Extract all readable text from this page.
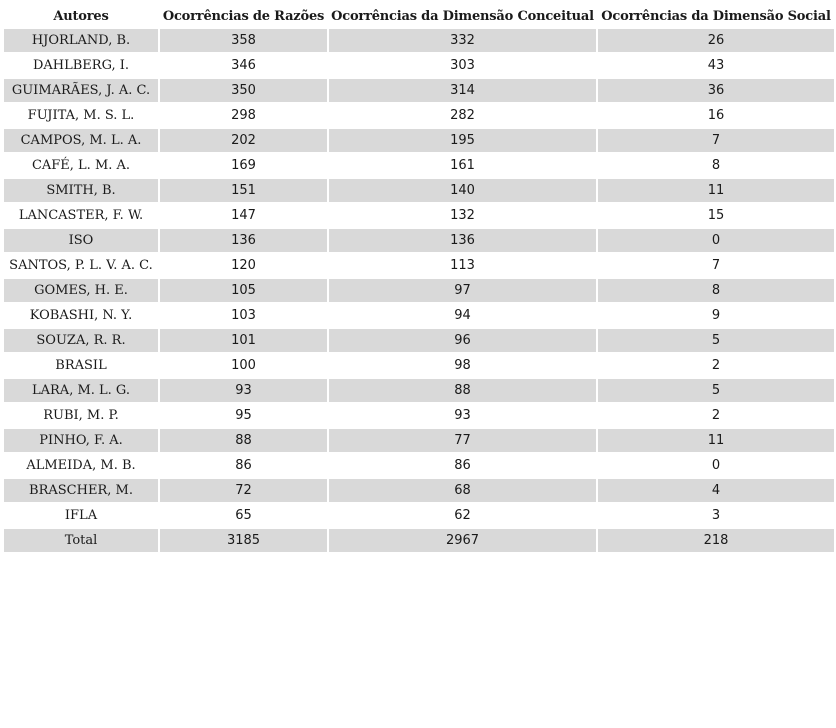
Autores	Ocorrências de Razões	Ocorrências da Dimensão Conceitual	Ocorrências da Dimensão Social
HJORLAND, B.	358	332	26
DAHLBERG, I.	346	303	43
GUIMARÃES, J. A. C.	350	314	36
FUJITA, M. S. L.	298	282	16
CAMPOS, M. L. A.	202	195	7
CAFÉ, L. M. A.	169	161	8
SMITH, B.	151	140	11
LANCASTER, F. W.	147	132	15
ISO	136	136	0
SANTOS, P. L. V. A. C.	120	113	7
GOMES, H. E.	105	97	8
KOBASHI, N. Y.	103	94	9
SOUZA, R. R.	101	96	5
BRASIL	100	98	2
LARA, M. L. G.	93	88	5
RUBI, M. P.	95	93	2
PINHO, F. A.	88	77	11
ALMEIDA, M. B.	86	86	0
BRASCHER, M.	72	68	4
IFLA	65	62	3
Total	3185	2967	218
